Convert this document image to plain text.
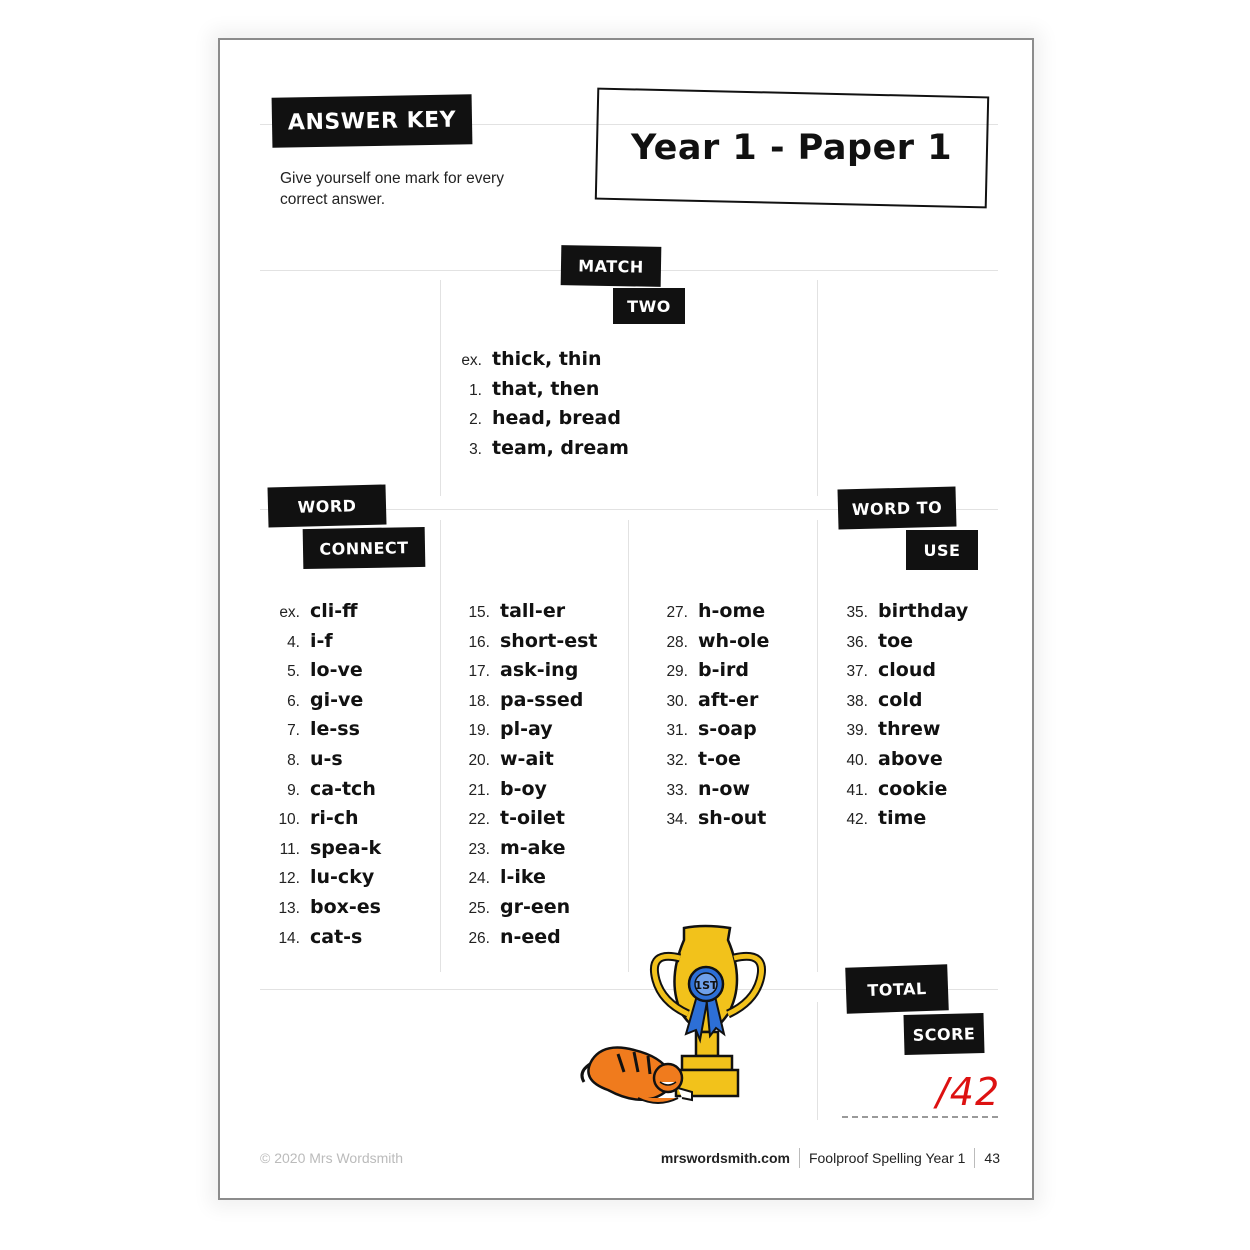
ANSWER KEY
Give yourself one mark for every correct answer.
Year 1 - Paper 1
MATCH
TWO
WORD
CONNECT
WORD TO
USE
TOTAL
SCORE
ex. thick, thin
1. that, then
2. head, bread
3. team, dream
ex. cli-ff
4. i-f
5. lo-ve
6. gi-ve
7. le-ss
8. u-s
9. ca-tch
10. ri-ch
11. spea-k
12. lu-cky
13. box-es
14. cat-s
15. tall-er
16. short-est
17. ask-ing
18. pa-ssed
19. pl-ay
20. w-ait
21. b-oy
22. t-oilet
23. m-ake
24. l-ike
25. gr-een
26. n-eed
27. h-ome
28. wh-ole
29. b-ird
30. aft-er
31. s-oap
32. t-oe
33. n-ow
34. sh-out
35. birthday
36. toe
37. cloud
38. cold
39. threw
40. above
41. cookie
42. time
1ST
/42
© 2020 Mrs Wordsmith	mrswordsmith.com Foolproof Spelling Year 1 43
